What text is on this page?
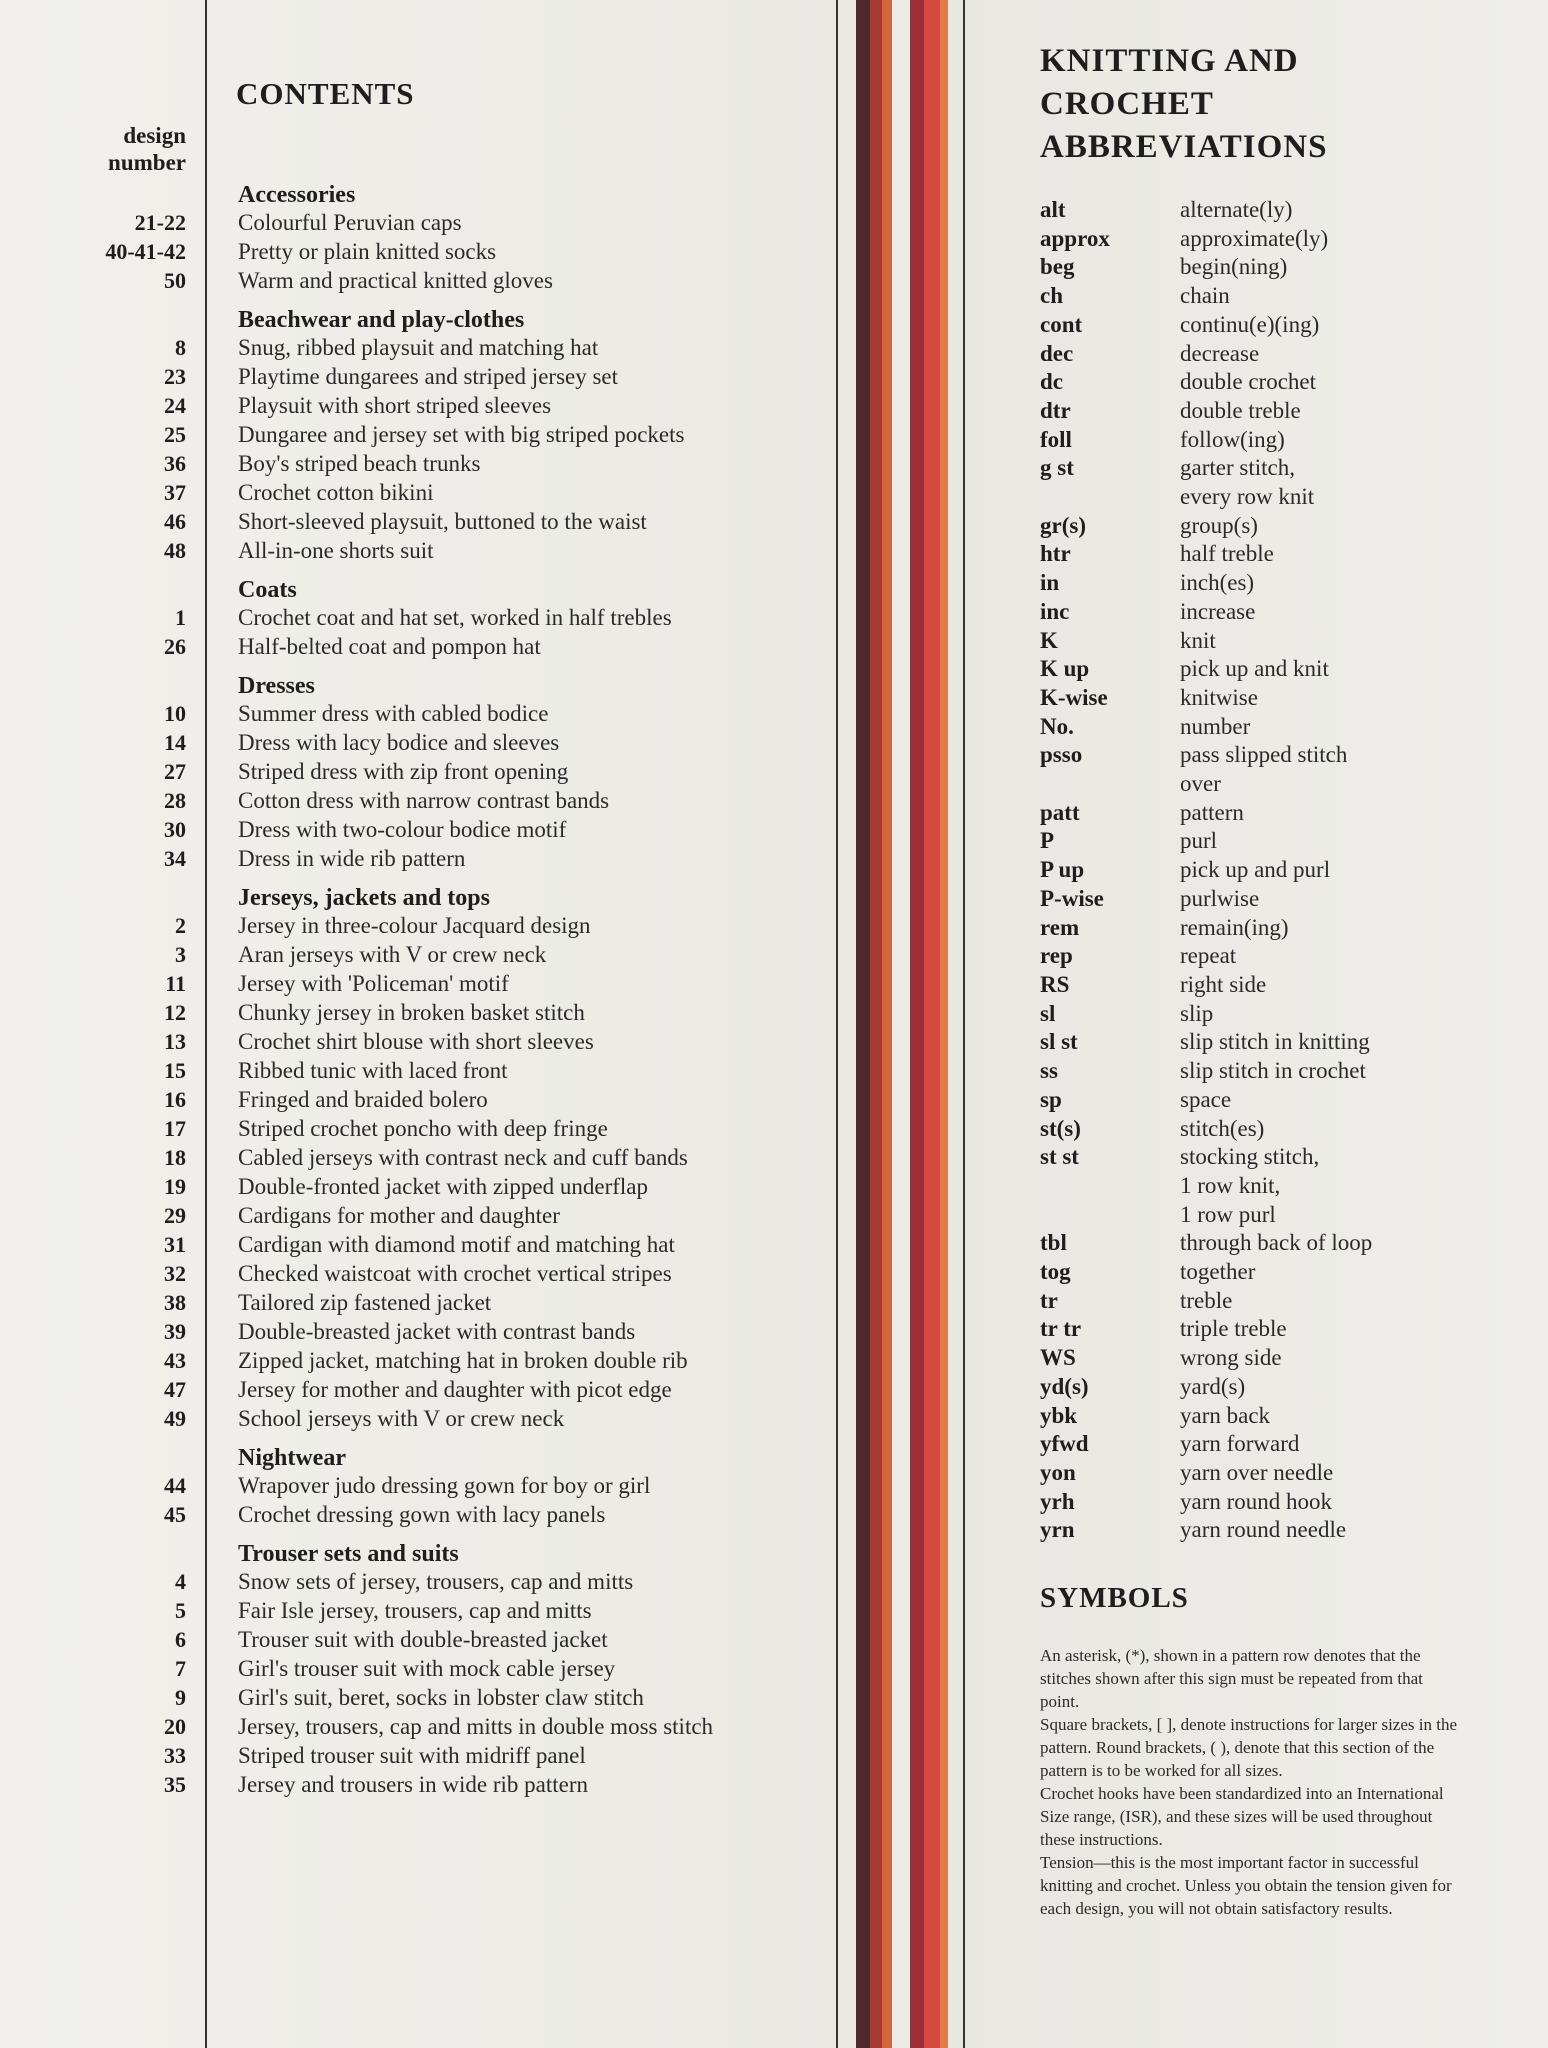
CONTENTS
design
number
Accessories
21-22 Colourful Peruvian caps
40-41-42 Pretty or plain knitted socks
50 Warm and practical knitted gloves
Beachwear and play-clothes
8 Snug, ribbed playsuit and matching hat
23 Playtime dungarees and striped jersey set
24 Playsuit with short striped sleeves
25 Dungaree and jersey set with big striped pockets
36 Boy's striped beach trunks
37 Crochet cotton bikini
46 Short-sleeved playsuit, buttoned to the waist
48 All-in-one shorts suit
Coats
1 Crochet coat and hat set, worked in half trebles
26 Half-belted coat and pompon hat
Dresses
10 Summer dress with cabled bodice
14 Dress with lacy bodice and sleeves
27 Striped dress with zip front opening
28 Cotton dress with narrow contrast bands
30 Dress with two-colour bodice motif
34 Dress in wide rib pattern
Jerseys, jackets and tops
2 Jersey in three-colour Jacquard design
3 Aran jerseys with V or crew neck
11 Jersey with 'Policeman' motif
12 Chunky jersey in broken basket stitch
13 Crochet shirt blouse with short sleeves
15 Ribbed tunic with laced front
16 Fringed and braided bolero
17 Striped crochet poncho with deep fringe
18 Cabled jerseys with contrast neck and cuff bands
19 Double-fronted jacket with zipped underflap
29 Cardigans for mother and daughter
31 Cardigan with diamond motif and matching hat
32 Checked waistcoat with crochet vertical stripes
38 Tailored zip fastened jacket
39 Double-breasted jacket with contrast bands
43 Zipped jacket, matching hat in broken double rib
47 Jersey for mother and daughter with picot edge
49 School jerseys with V or crew neck
Nightwear
44 Wrapover judo dressing gown for boy or girl
45 Crochet dressing gown with lacy panels
Trouser sets and suits
4 Snow sets of jersey, trousers, cap and mitts
5 Fair Isle jersey, trousers, cap and mitts
6 Trouser suit with double-breasted jacket
7 Girl's trouser suit with mock cable jersey
9 Girl's suit, beret, socks in lobster claw stitch
20 Jersey, trousers, cap and mitts in double moss stitch
33 Striped trouser suit with midriff panel
35 Jersey and trousers in wide rib pattern
KNITTING AND
CROCHET
ABBREVIATIONS
alt	alternate(ly)
approx	approximate(ly)
beg	begin(ning)
ch	chain
cont	continu(e)(ing)
dec	decrease
dc	double crochet
dtr	double treble
foll	follow(ing)
g st	garter stitch,
every row knit
gr(s)	group(s)
htr	half treble
in	inch(es)
inc	increase
K	knit
K up	pick up and knit
K-wise	knitwise
No.	number
psso	pass slipped stitch
over
patt	pattern
P	purl
P up	pick up and purl
P-wise	purlwise
rem	remain(ing)
rep	repeat
RS	right side
sl	slip
sl st	slip stitch in knitting
ss	slip stitch in crochet
sp	space
st(s)	stitch(es)
st st	stocking stitch,
1 row knit,
1 row purl
tbl	through back of loop
tog	together
tr	treble
tr tr	triple treble
WS	wrong side
yd(s)	yard(s)
ybk	yarn back
yfwd	yarn forward
yon	yarn over needle
yrh	yarn round hook
yrn	yarn round needle
SYMBOLS

An asterisk, (*), shown in a pattern row denotes that the stitches shown after this sign must be repeated from that point.

Square brackets, [ ], denote instructions for larger sizes in the pattern. Round brackets, ( ), denote that this section of the pattern is to be worked for all sizes.

Crochet hooks have been standardized into an International Size range, (ISR), and these sizes will be used throughout these instructions.

Tension—this is the most important factor in successful knitting and crochet. Unless you obtain the tension given for each design, you will not obtain satisfactory results.
